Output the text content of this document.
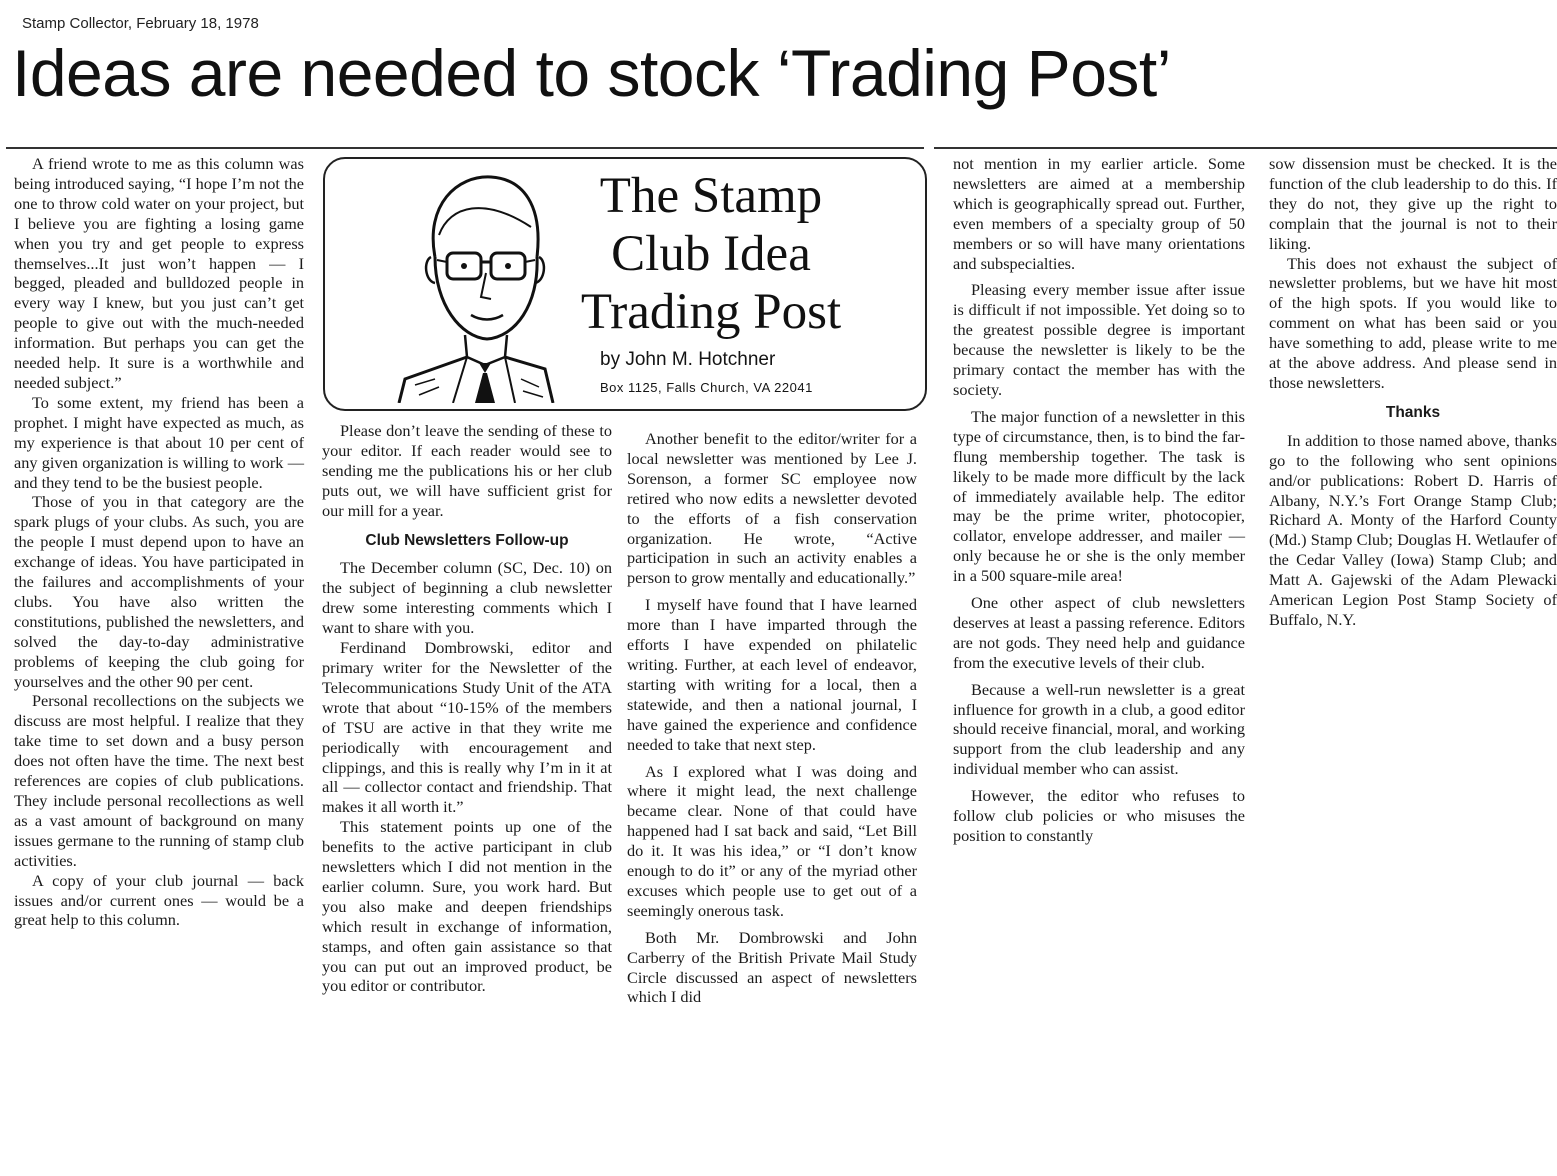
Stamp Collector, February 18, 1978
Ideas are needed to stock ‘Trading Post’

A friend wrote to me as this column was being introduced saying, “I hope I’m not the one to throw cold water on your project, but I believe you are fighting a losing game when you try and get people to express themselves...It just won’t happen — I begged, pleaded and bulldozed people in every way I knew, but you just can’t get people to give out with the much-needed information. But perhaps you can get the needed help. It sure is a worthwhile and needed subject.”

To some extent, my friend has been a prophet. I might have expected as much, as my experience is that about 10 per cent of any given organization is willing to work — and they tend to be the busiest people.

Those of you in that category are the spark plugs of your clubs. As such, you are the people I must depend upon to have an exchange of ideas. You have participated in the failures and accomplishments of your clubs. You have also written the constitutions, published the newsletters, and solved the day-to-day administrative problems of keeping the club going for yourselves and the other 90 per cent.

Personal recollections on the subjects we discuss are most helpful. I realize that they take time to set down and a busy person does not often have the time. The next best references are copies of club publications. They include personal recollections as well as a vast amount of background on many issues germane to the running of stamp club activities.

A copy of your club journal — back issues and/or current ones — would be a great help to this column.

The Stamp
Club Idea
Trading Post
by John M. Hotchner
Box 1125, Falls Church, VA 22041

Please don’t leave the sending of these to your editor. If each reader would see to sending me the publications his or her club puts out, we will have sufficient grist for our mill for a year.

Club Newsletters Follow-up

The December column (SC, Dec. 10) on the subject of beginning a club newsletter drew some interesting comments which I want to share with you.

Ferdinand Dombrowski, editor and primary writer for the Newsletter of the Telecommunications Study Unit of the ATA wrote that about “10-15% of the members of TSU are active in that they write me periodically with encouragement and clippings, and this is really why I’m in it at all — collector contact and friendship. That makes it all worth it.”

This statement points up one of the benefits to the active participant in club newsletters which I did not mention in the earlier column. Sure, you work hard. But you also make and deepen friendships which result in exchange of information, stamps, and often gain assistance so that you can put out an improved product, be you editor or contributor.

Another benefit to the editor/writer for a local newsletter was mentioned by Lee J. Sorenson, a former SC employee now retired who now edits a newsletter devoted to the efforts of a fish conservation organization. He wrote, “Active participation in such an activity enables a person to grow mentally and educationally.”

I myself have found that I have learned more than I have imparted through the efforts I have expended on philatelic writing. Further, at each level of endeavor, starting with writing for a local, then a statewide, and then a national journal, I have gained the experience and confidence needed to take that next step.

As I explored what I was doing and where it might lead, the next challenge became clear. None of that could have happened had I sat back and said, “Let Bill do it. It was his idea,” or “I don’t know enough to do it” or any of the myriad other excuses which people use to get out of a seemingly onerous task.

Both Mr. Dombrowski and John Carberry of the British Private Mail Study Circle discussed an aspect of newsletters which I did

not mention in my earlier article. Some newsletters are aimed at a membership which is geographically spread out. Further, even members of a specialty group of 50 members or so will have many orientations and subspecialties.

Pleasing every member issue after issue is difficult if not impossible. Yet doing so to the greatest possible degree is important because the newsletter is likely to be the primary contact the member has with the society.

The major function of a newsletter in this type of circumstance, then, is to bind the far-flung membership together. The task is likely to be made more difficult by the lack of immediately available help. The editor may be the prime writer, photocopier, collator, envelope addresser, and mailer — only because he or she is the only member in a 500 square-mile area!

One other aspect of club newsletters deserves at least a passing reference. Editors are not gods. They need help and guidance from the executive levels of their club.

Because a well-run newsletter is a great influence for growth in a club, a good editor should receive financial, moral, and working support from the club leadership and any individual member who can assist.

However, the editor who refuses to follow club policies or who misuses the position to constantly

sow dissension must be checked. It is the function of the club leadership to do this. If they do not, they give up the right to complain that the journal is not to their liking.

This does not exhaust the subject of newsletter problems, but we have hit most of the high spots. If you would like to comment on what has been said or you have something to add, please write to me at the above address. And please send in those newsletters.

Thanks

In addition to those named above, thanks go to the following who sent opinions and/or publications: Robert D. Harris of Albany, N.Y.’s Fort Orange Stamp Club; Richard A. Monty of the Harford County (Md.) Stamp Club; Douglas H. Wetlaufer of the Cedar Valley (Iowa) Stamp Club; and Matt A. Gajewski of the Adam Plewacki American Legion Post Stamp Society of Buffalo, N.Y.
